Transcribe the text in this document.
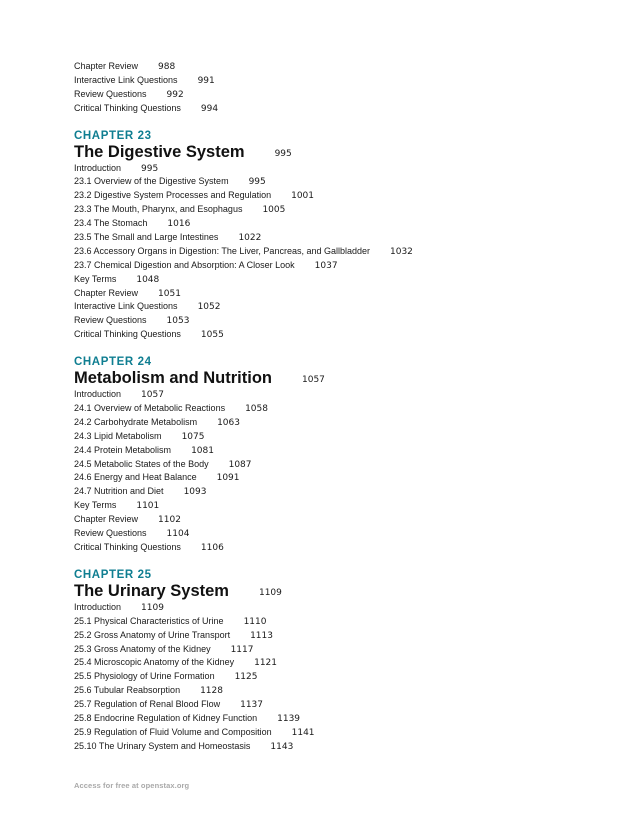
Chapter Review 988
Interactive Link Questions 991
Review Questions 992
Critical Thinking Questions 994
CHAPTER 23
The Digestive System	995
Introduction 995
23.1 Overview of the Digestive System 995
23.2 Digestive System Processes and Regulation 1001
23.3 The Mouth, Pharynx, and Esophagus 1005
23.4 The Stomach 1016
23.5 The Small and Large Intestines 1022
23.6 Accessory Organs in Digestion: The Liver, Pancreas, and Gallbladder 1032
23.7 Chemical Digestion and Absorption: A Closer Look 1037
Key Terms 1048
Chapter Review 1051
Interactive Link Questions 1052
Review Questions 1053
Critical Thinking Questions 1055
CHAPTER 24
Metabolism and Nutrition	1057
Introduction 1057
24.1 Overview of Metabolic Reactions 1058
24.2 Carbohydrate Metabolism 1063
24.3 Lipid Metabolism 1075
24.4 Protein Metabolism 1081
24.5 Metabolic States of the Body 1087
24.6 Energy and Heat Balance 1091
24.7 Nutrition and Diet 1093
Key Terms 1101
Chapter Review 1102
Review Questions 1104
Critical Thinking Questions 1106
CHAPTER 25
The Urinary System	1109
Introduction 1109
25.1 Physical Characteristics of Urine 1110
25.2 Gross Anatomy of Urine Transport 1113
25.3 Gross Anatomy of the Kidney 1117
25.4 Microscopic Anatomy of the Kidney 1121
25.5 Physiology of Urine Formation 1125
25.6 Tubular Reabsorption 1128
25.7 Regulation of Renal Blood Flow 1137
25.8 Endocrine Regulation of Kidney Function 1139
25.9 Regulation of Fluid Volume and Composition 1141
25.10 The Urinary System and Homeostasis 1143
Access for free at openstax.org
